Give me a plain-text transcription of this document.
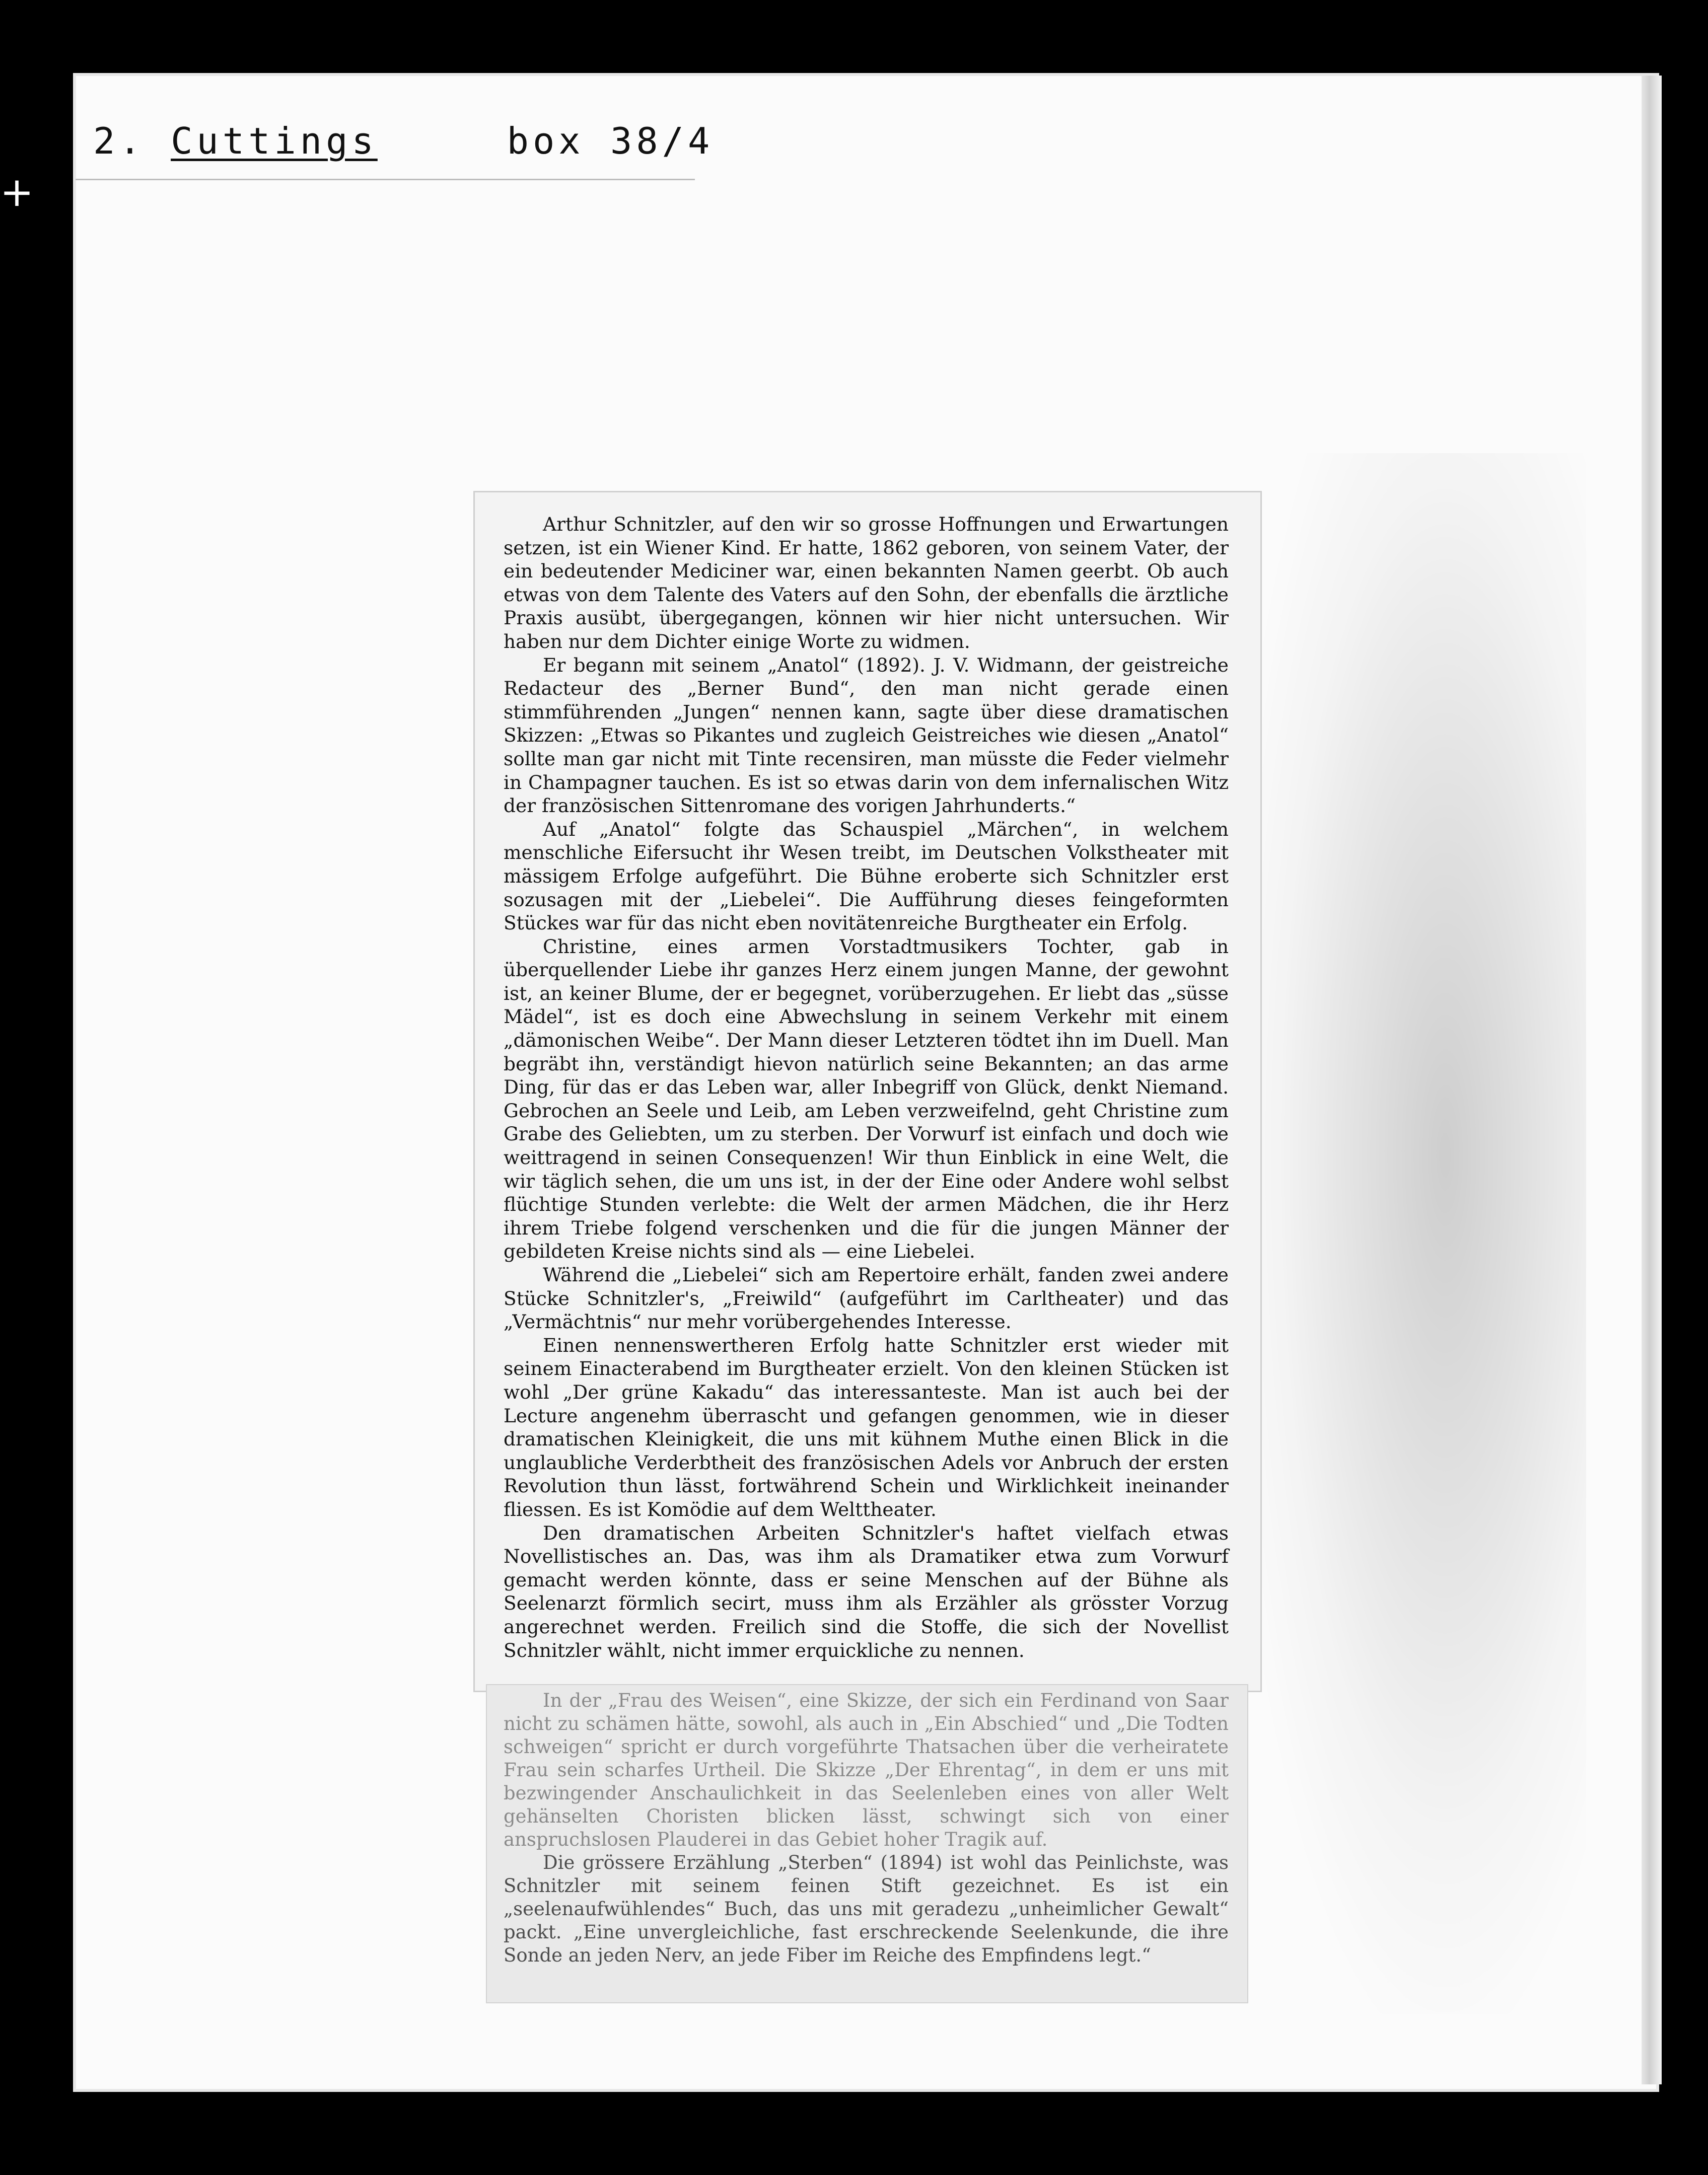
+
2. Cuttings	box 38/4

Arthur Schnitzler, auf den wir so grosse Hoffnungen und Erwartungen setzen, ist ein Wiener Kind. Er hatte, 1862 geboren, von seinem Vater, der ein bedeutender Mediciner war, einen bekannten Namen geerbt. Ob auch etwas von dem Talente des Vaters auf den Sohn, der ebenfalls die ärztliche Praxis ausübt, übergegangen, können wir hier nicht untersuchen. Wir haben nur dem Dichter einige Worte zu widmen.

Er begann mit seinem „Anatol“ (1892). J. V. Widmann, der geistreiche Redacteur des „Berner Bund“, den man nicht gerade einen stimmführenden „Jungen“ nennen kann, sagte über diese dramatischen Skizzen: „Etwas so Pikantes und zugleich Geistreiches wie diesen „Anatol“ sollte man gar nicht mit Tinte recensiren, man müsste die Feder vielmehr in Champagner tauchen. Es ist so etwas darin von dem infernalischen Witz der französischen Sittenromane des vorigen Jahrhunderts.“

Auf „Anatol“ folgte das Schauspiel „Märchen“, in welchem menschliche Eifersucht ihr Wesen treibt, im Deutschen Volkstheater mit mässigem Erfolge aufgeführt. Die Bühne eroberte sich Schnitzler erst sozusagen mit der „Liebelei“. Die Aufführung dieses feingeformten Stückes war für das nicht eben novitätenreiche Burgtheater ein Erfolg.

Christine, eines armen Vorstadtmusikers Tochter, gab in überquellender Liebe ihr ganzes Herz einem jungen Manne, der gewohnt ist, an keiner Blume, der er begegnet, vorüberzugehen. Er liebt das „süsse Mädel“, ist es doch eine Abwechslung in seinem Verkehr mit einem „dämonischen Weibe“. Der Mann dieser Letzteren tödtet ihn im Duell. Man begräbt ihn, verständigt hievon natürlich seine Bekannten; an das arme Ding, für das er das Leben war, aller Inbegriff von Glück, denkt Niemand. Gebrochen an Seele und Leib, am Leben verzweifelnd, geht Christine zum Grabe des Geliebten, um zu sterben. Der Vorwurf ist einfach und doch wie weittragend in seinen Consequenzen! Wir thun Einblick in eine Welt, die wir täglich sehen, die um uns ist, in der der Eine oder Andere wohl selbst flüchtige Stunden verlebte: die Welt der armen Mädchen, die ihr Herz ihrem Triebe folgend verschenken und die für die jungen Männer der gebildeten Kreise nichts sind als — eine Liebelei.

Während die „Liebelei“ sich am Repertoire erhält, fanden zwei andere Stücke Schnitzler's, „Freiwild“ (aufgeführt im Carltheater) und das „Vermächtnis“ nur mehr vorübergehendes Interesse.

Einen nennenswertheren Erfolg hatte Schnitzler erst wieder mit seinem Einacterabend im Burgtheater erzielt. Von den kleinen Stücken ist wohl „Der grüne Kakadu“ das interessanteste. Man ist auch bei der Lecture angenehm überrascht und gefangen genommen, wie in dieser dramatischen Kleinigkeit, die uns mit kühnem Muthe einen Blick in die unglaubliche Verderbtheit des französischen Adels vor Anbruch der ersten Revolution thun lässt, fortwährend Schein und Wirklichkeit ineinander fliessen. Es ist Komödie auf dem Welttheater.

Den dramatischen Arbeiten Schnitzler's haftet vielfach etwas Novellistisches an. Das, was ihm als Dramatiker etwa zum Vorwurf gemacht werden könnte, dass er seine Menschen auf der Bühne als Seelenarzt förmlich secirt, muss ihm als Erzähler als grösster Vorzug angerechnet werden. Freilich sind die Stoffe, die sich der Novellist Schnitzler wählt, nicht immer erquickliche zu nennen.

In der „Frau des Weisen“, eine Skizze, der sich ein Ferdinand von Saar nicht zu schämen hätte, sowohl, als auch in „Ein Abschied“ und „Die Todten schweigen“ spricht er durch vorgeführte Thatsachen über die verheiratete Frau sein scharfes Urtheil. Die Skizze „Der Ehrentag“, in dem er uns mit bezwingender Anschaulichkeit in das Seelenleben eines von aller Welt gehänselten Choristen blicken lässt, schwingt sich von einer anspruchslosen Plauderei in das Gebiet hoher Tragik auf.

Die grössere Erzählung „Sterben“ (1894) ist wohl das Peinlichste, was Schnitzler mit seinem feinen Stift gezeichnet. Es ist ein „seelenaufwühlendes“ Buch, das uns mit geradezu „unheimlicher Gewalt“ packt. „Eine unvergleichliche, fast erschreckende Seelenkunde, die ihre Sonde an jeden Nerv, an jede Fiber im Reiche des Empfindens legt.“
